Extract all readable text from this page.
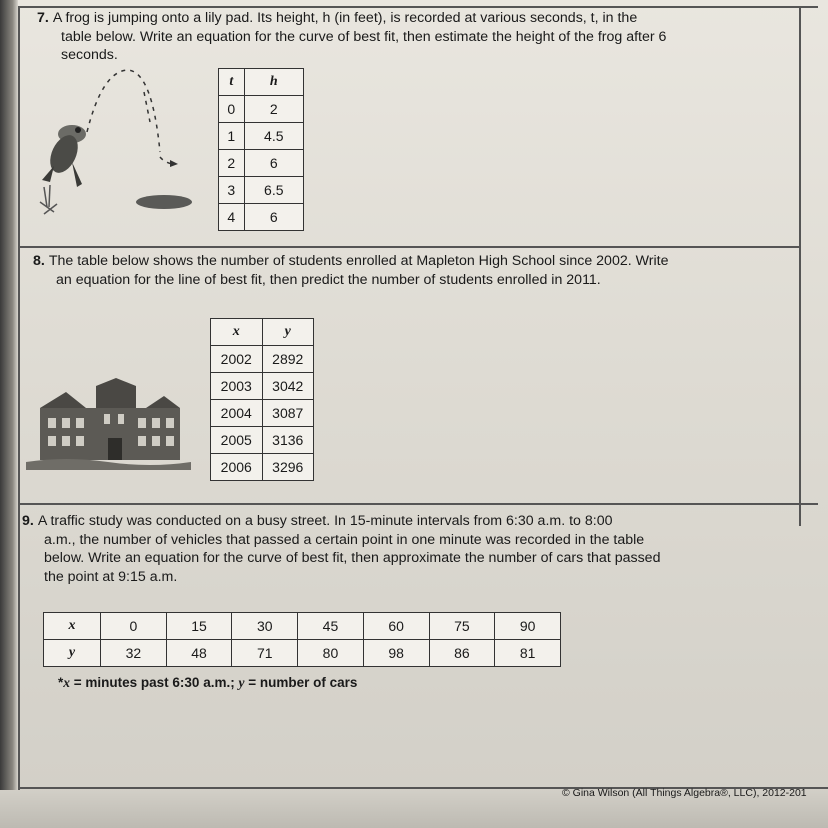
7. A frog is jumping onto a lily pad. Its height, h (in feet), is recorded at various seconds, t, in the
table below. Write an equation for the curve of best fit, then estimate the height of the frog after 6
seconds.
t	h
0	2
1	4.5
2	6
3	6.5
4	6
8. The table below shows the number of students enrolled at Mapleton High School since 2002. Write
an equation for the line of best fit, then predict the number of students enrolled in 2011.
x	y
2002	2892
2003	3042
2004	3087
2005	3136
2006	3296
9. A traffic study was conducted on a busy street. In 15-minute intervals from 6:30 a.m. to 8:00
a.m., the number of vehicles that passed a certain point in one minute was recorded in the table
below. Write an equation for the curve of best fit, then approximate the number of cars that passed
the point at 9:15 a.m.
x	0	15	30	45	60	75	90
y	32	48	71	80	98	86	81
*x = minutes past 6:30 a.m.; y = number of cars
© Gina Wilson (All Things Algebra®, LLC), 2012-201
